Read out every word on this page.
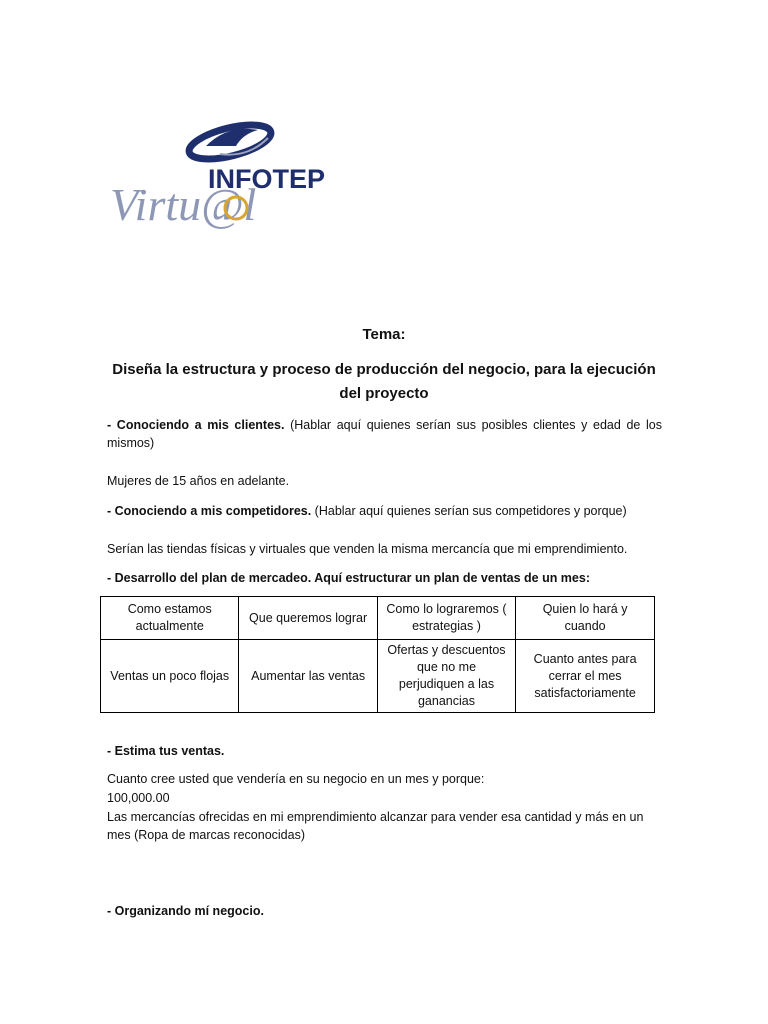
INFOTEP
Virtu@l
Tema:
Diseña la estructura y proceso de producción del negocio, para la ejecución
del proyecto
- Conociendo a mis clientes. (Hablar aquí quienes serían sus posibles clientes y edad de los mismos)
Mujeres de 15 años en adelante.
- Conociendo a mis competidores. (Hablar aquí quienes serían sus competidores y porque)
Serían las tiendas físicas y virtuales que venden la misma mercancía que mi emprendimiento.
- Desarrollo del plan de mercadeo. Aquí estructurar un plan de ventas de un mes:
Como estamos actualmente	Que queremos lograr	Como lo lograremos ( estrategias )	Quien lo hará y cuando
Ventas un poco flojas	Aumentar las ventas	Ofertas y descuentos que no me perjudiquen a las ganancias	Cuanto antes para cerrar el mes satisfactoriamente
- Estima tus ventas.
Cuanto cree usted que vendería en su negocio en un mes y porque:
100,000.00
Las mercancías ofrecidas en mi emprendimiento alcanzar para vender esa cantidad y más en un mes (Ropa de marcas reconocidas)
- Organizando mí negocio.
